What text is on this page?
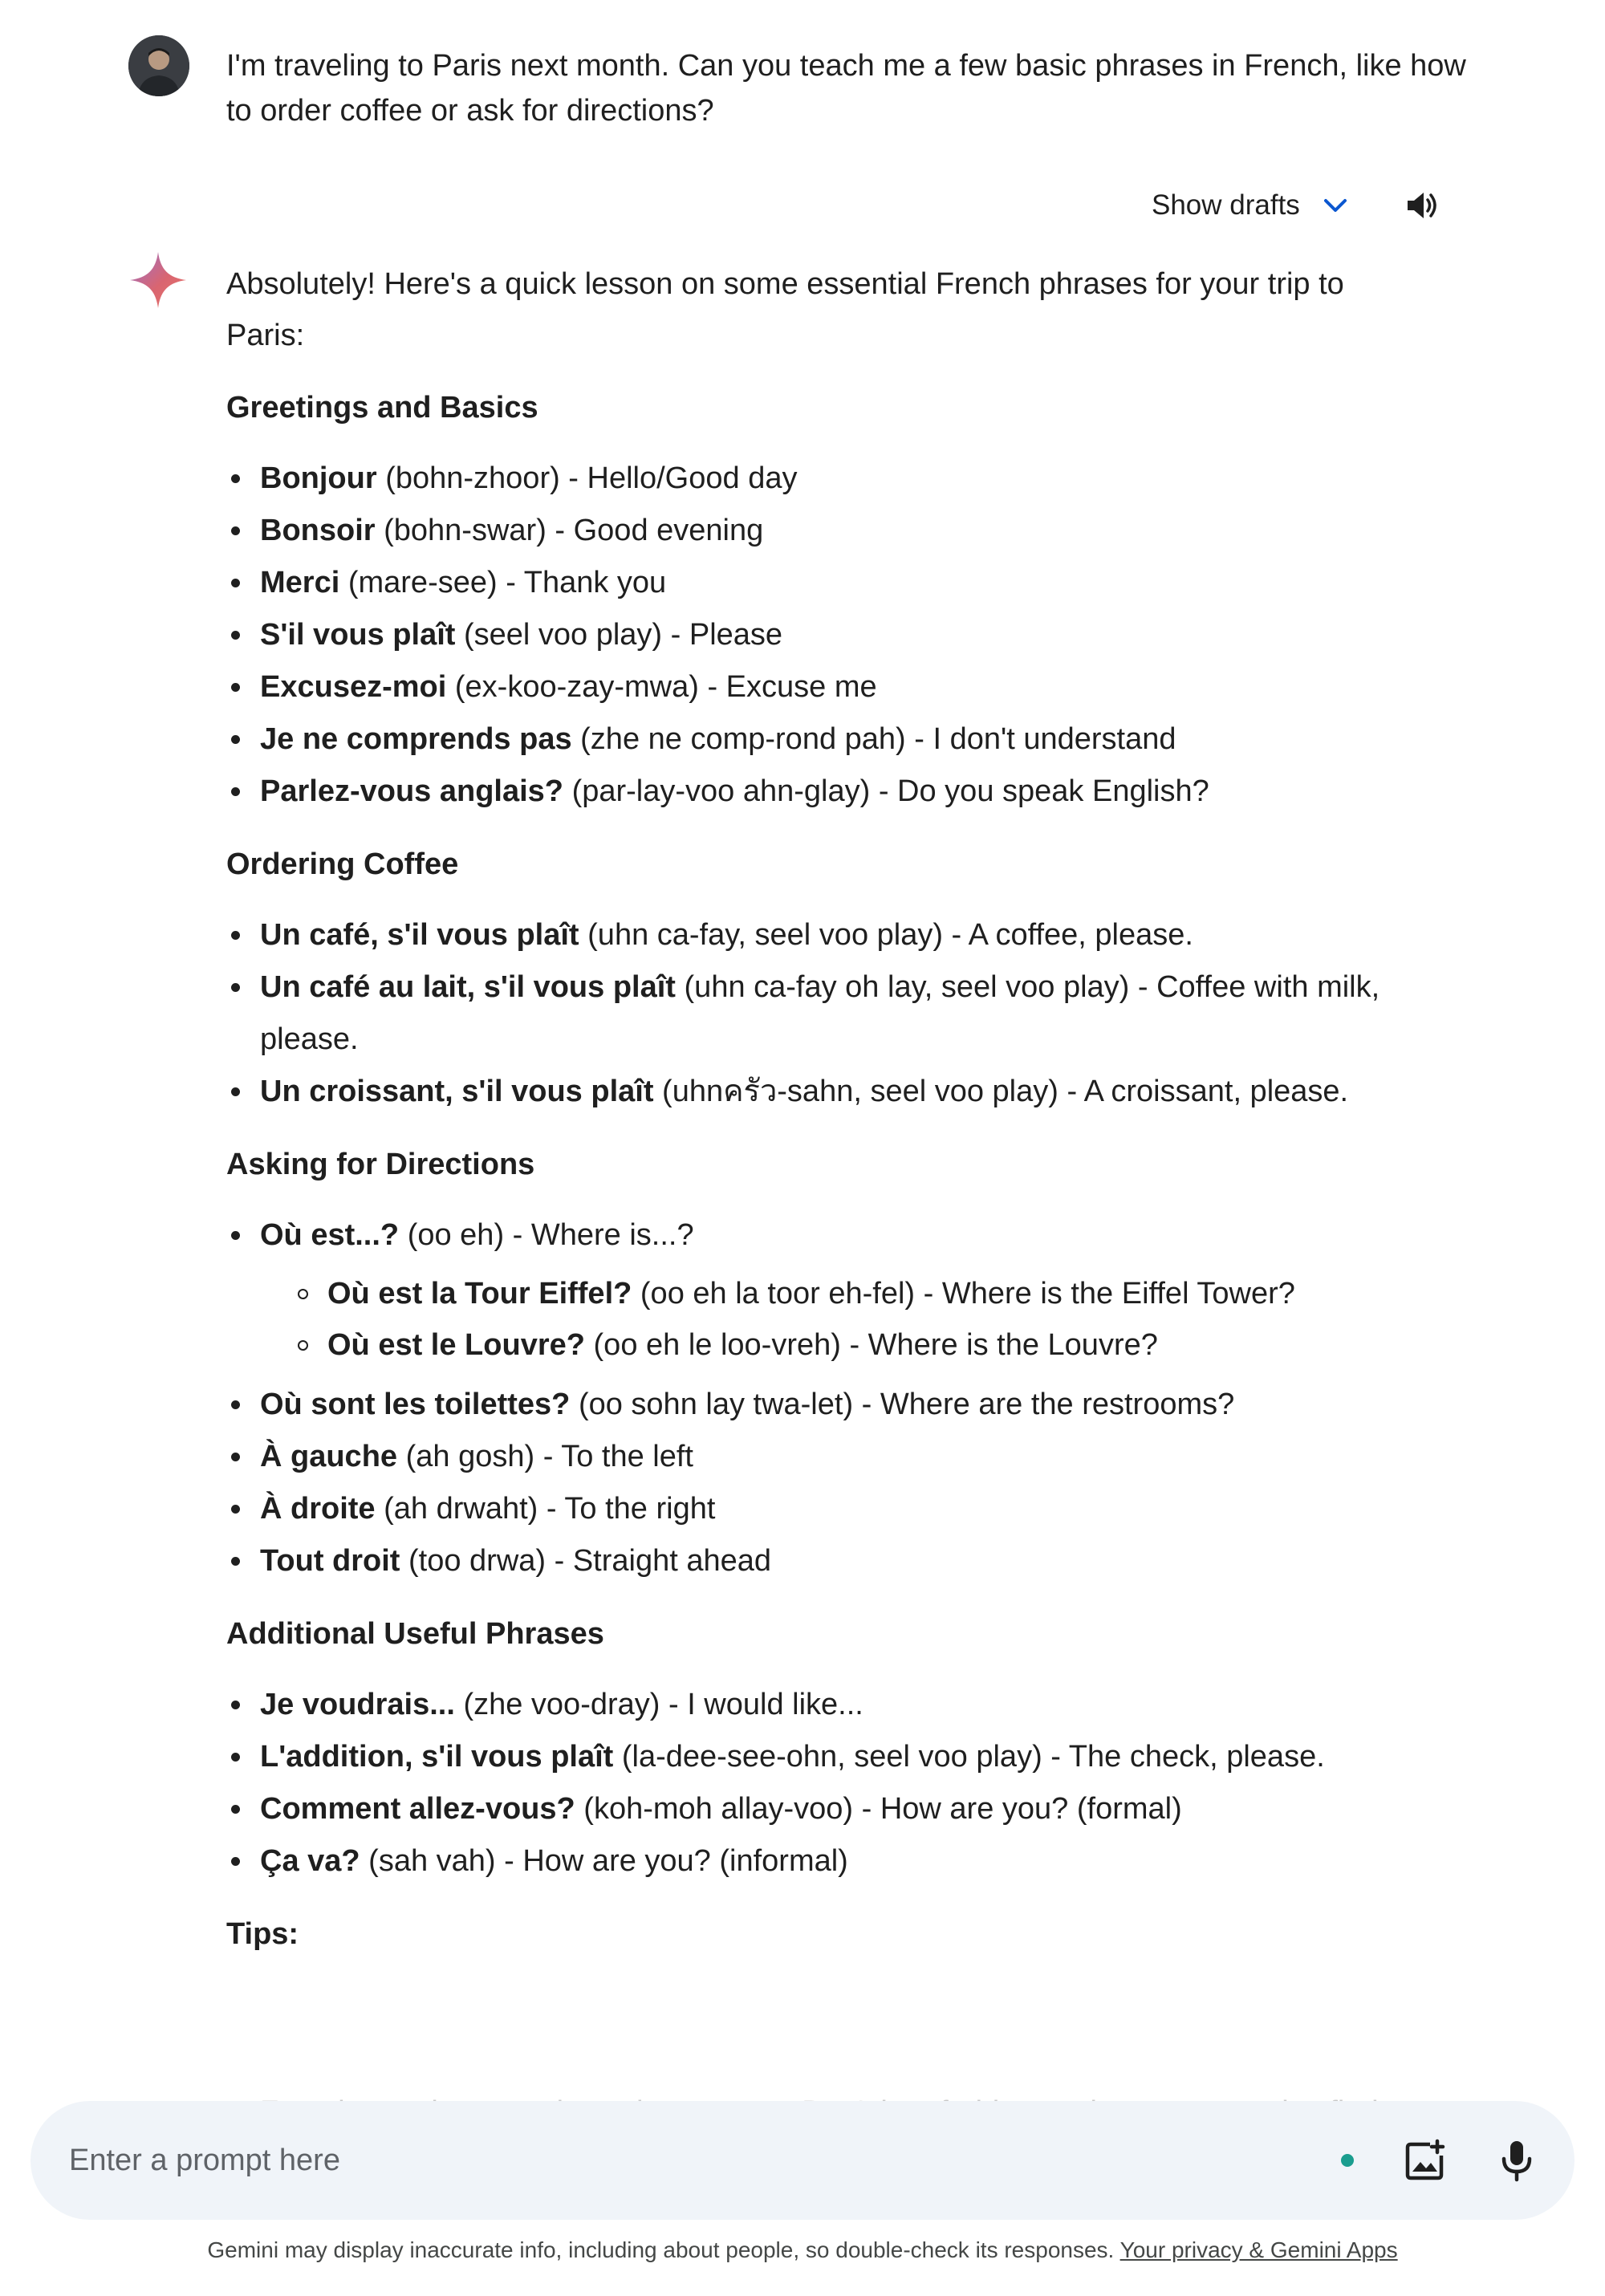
I'm traveling to Paris next month. Can you teach me a few basic phrases in French, like how to order coffee or ask for directions?

Show drafts

Absolutely! Here's a quick lesson on some essential French phrases for your trip to Paris:

Greetings and Basics
Bonjour (bohn-zhoor) - Hello/Good day
Bonsoir (bohn-swar) - Good evening
Merci (mare-see) - Thank you
S'il vous plaît (seel voo play) - Please
Excusez-moi (ex-koo-zay-mwa) - Excuse me
Je ne comprends pas (zhe ne comp-rond pah) - I don't understand
Parlez-vous anglais? (par-lay-voo ahn-glay) - Do you speak English?
Ordering Coffee
Un café, s'il vous plaît (uhn ca-fay, seel voo play) - A coffee, please.
Un café au lait, s'il vous plaît (uhn ca-fay oh lay, seel voo play) - Coffee with milk, please.
Un croissant, s'il vous plaît (uhnครัว-sahn, seel voo play) - A croissant, please.
Asking for Directions
Où est...? (oo eh) - Where is...?
Où est la Tour Eiffel? (oo eh la toor eh-fel) - Where is the Eiffel Tower?
Où est le Louvre? (oo eh le loo-vreh) - Where is the Louvre?
Où sont les toilettes? (oo sohn lay twa-let) - Where are the restrooms?
À gauche (ah gosh) - To the left
À droite (ah drwaht) - To the right
Tout droit (too drwa) - Straight ahead
Additional Useful Phrases
Je voudrais... (zhe voo-dray) - I would like...
L'addition, s'il vous plaît (la-dee-see-ohn, seel voo play) - The check, please.
Comment allez-vous? (koh-moh allay-voo) - How are you? (formal)
Ça va? (sah vah) - How are you? (informal)
Tips:
Enter a prompt here
Gemini may display inaccurate info, including about people, so double-check its responses. Your privacy & Gemini Apps
